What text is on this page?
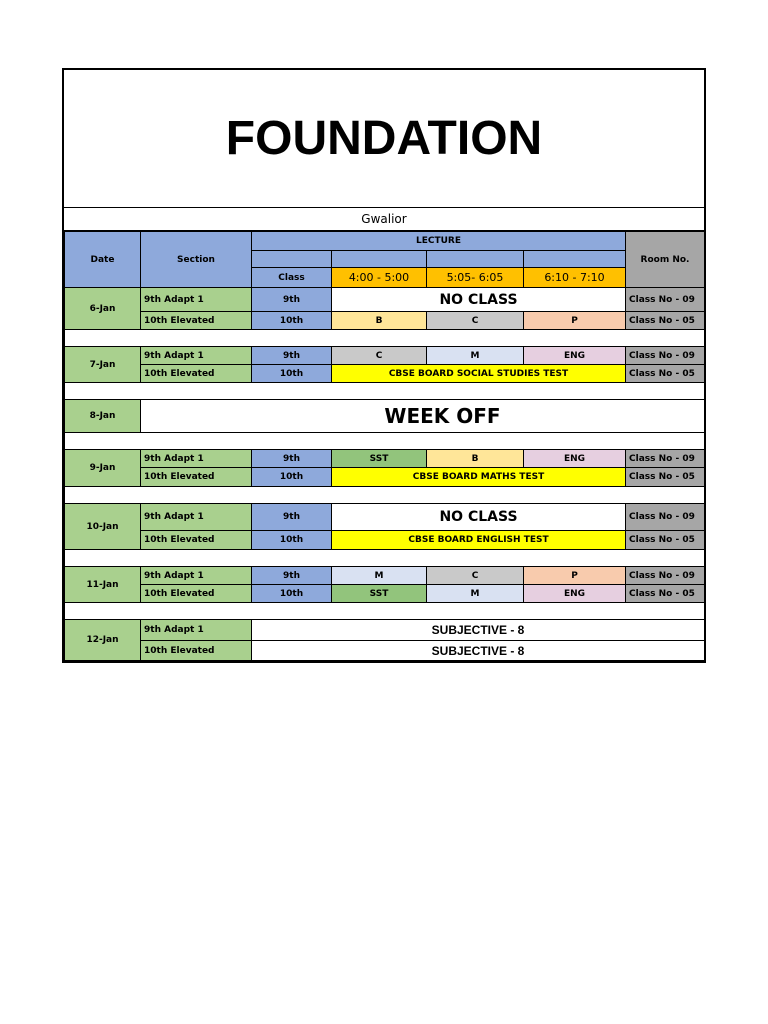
FOUNDATION
Gwalior
Date	Section	LECTURE				Room No.

		Class	4:00 - 5:00	5:05- 6:05	6:10 - 7:10	
6-Jan	9th Adapt 1	9th	NO CLASS			Class No - 09
	10th Elevated	10th	B	C	P	Class No - 05

7-Jan	9th Adapt 1	9th	C	M	ENG	Class No - 09
	10th Elevated	10th	CBSE BOARD SOCIAL STUDIES TEST			Class No - 05

8-Jan	WEEK OFF					

9-Jan	9th Adapt 1	9th	SST	B	ENG	Class No - 09
	10th Elevated	10th	CBSE BOARD MATHS TEST			Class No - 05

10-Jan	9th Adapt 1	9th	NO CLASS			Class No - 09
	10th Elevated	10th	CBSE BOARD ENGLISH TEST			Class No - 05

11-Jan	9th Adapt 1	9th	M	C	P	Class No - 09
	10th Elevated	10th	SST	M	ENG	Class No - 05

12-Jan	9th Adapt 1	SUBJECTIVE - 8				
	10th Elevated	SUBJECTIVE - 8				
